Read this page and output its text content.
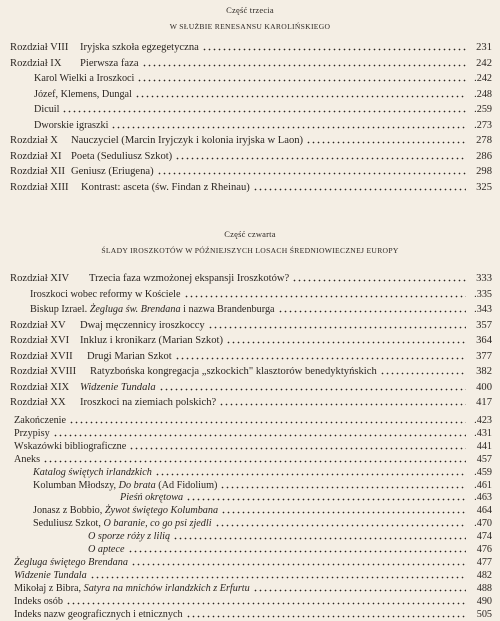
Część trzecia
W SŁUŻBIE RENESANSU KAROLIŃSKIEGO
Rozdział VIII Iryjska szkoła egzegetyczna	231
Rozdział IX Pierwsza faza	242
Karol Wielki a Iroszkoci	.242
Józef, Klemens, Dungal	.248
Dicuil	.259
Dworskie igraszki	.273
Rozdział X Nauczyciel (Marcin Iryjczyk i kolonia iryjska w Laon)	278
Rozdział XI Poeta (Seduliusz Szkot)	286
Rozdział XII Geniusz (Eriugena)	298
Rozdział XIII Kontrast: asceta (św. Findan z Rheinau)	325
Część czwarta
ŚLADY IROSZKOTÓW W PÓŹNIEJSZYCH LOSACH ŚREDNIOWIECZNEJ EUROPY
Rozdział XIV Trzecia faza wzmożonej ekspansji Iroszkotów?	333
Iroszkoci wobec reformy w Kościele	.335
Biskup Izrael. Żegluga św. Brendana i nazwa Brandenburga	.343
Rozdział XV Dwaj męczennicy iroszkoccy	357
Rozdział XVI Inkluz i kronikarz (Marian Szkot)	364
Rozdział XVII Drugi Marian Szkot	377
Rozdział XVIII Ratyzbońska kongregacja „szkockich" klasztorów benedyktyńskich	382
Rozdział XIX Widzenie Tundala	400
Rozdział XX Iroszkoci na ziemiach polskich?	417
Zakończenie	.423
Przypisy	.431
Wskazówki bibliograficzne	441
Aneks	457
Katalog świętych irlandzkich	.459
Kolumban Młodszy, Do brata (Ad Fidolium)	.461
Pieśń okrętowa	.463
Jonasz z Bobbio, Żywot świętego Kolumbana	464
Seduliusz Szkot, O baranie, co go psi zjedli	.470
O sporze róży z lilią	474
O aptece	476
Żegluga świętego Brendana	477
Widzenie Tundala	482
Mikołaj z Bibra, Satyra na mnichów irlandzkich z Erfurtu	488
Indeks osób	490
Indeks nazw geograficznych i etnicznych	505
